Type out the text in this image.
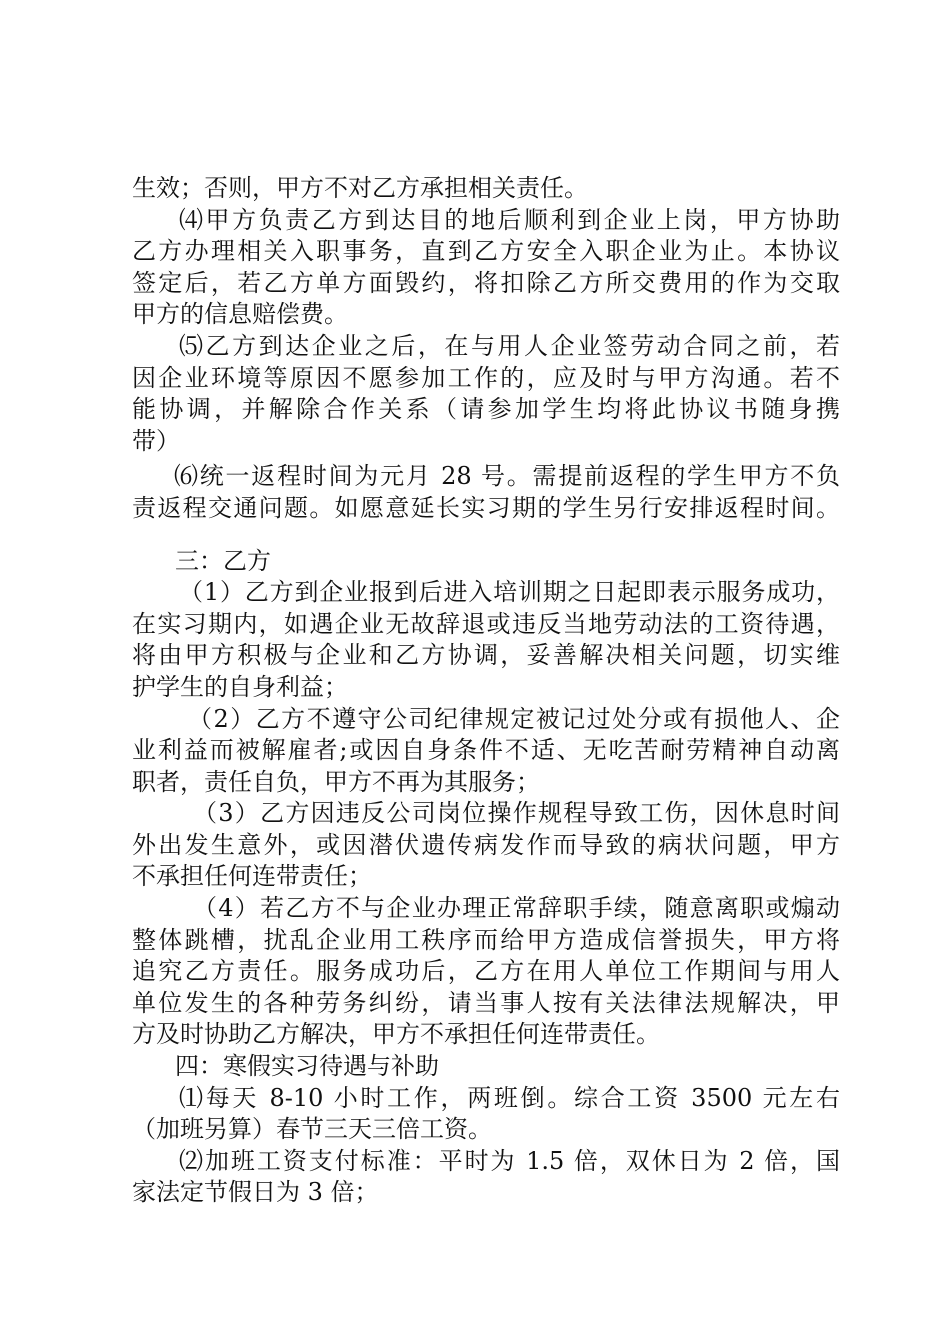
生效；否则，甲方不对乙方承担相关责任。
⑷甲方负责乙方到达目的地后顺利到企业上岗，甲方协助
乙方办理相关入职事务，直到乙方安全入职企业为止。本协议
签定后，若乙方单方面毁约，将扣除乙方所交费用的作为交取
甲方的信息赔偿费。
⑸乙方到达企业之后，在与用人企业签劳动合同之前，若
因企业环境等原因不愿参加工作的，应及时与甲方沟通。若不
能协调，并解除合作关系（请参加学生均将此协议书随身携
带）
⑹统一返程时间为元月 28 号。需提前返程的学生甲方不负
责返程交通问题。如愿意延长实习期的学生另行安排返程时间。
三：乙方
（1）乙方到企业报到后进入培训期之日起即表示服务成功，
在实习期内，如遇企业无故辞退或违反当地劳动法的工资待遇，
将由甲方积极与企业和乙方协调，妥善解决相关问题，切实维
护学生的自身利益；
（2）乙方不遵守公司纪律规定被记过处分或有损他人、企
业利益而被解雇者;或因自身条件不适、无吃苦耐劳精神自动离
职者，责任自负，甲方不再为其服务；
（3）乙方因违反公司岗位操作规程导致工伤，因休息时间
外出发生意外，或因潜伏遗传病发作而导致的病状问题，甲方
不承担任何连带责任；
（4）若乙方不与企业办理正常辞职手续，随意离职或煽动
整体跳槽，扰乱企业用工秩序而给甲方造成信誉损失，甲方将
追究乙方责任。服务成功后，乙方在用人单位工作期间与用人
单位发生的各种劳务纠纷，请当事人按有关法律法规解决，甲
方及时协助乙方解决，甲方不承担任何连带责任。
四：寒假实习待遇与补助
⑴每天 8-10 小时工作，两班倒。综合工资 3500 元左右
（加班另算）春节三天三倍工资。
⑵加班工资支付标准：平时为 1.5 倍，双休日为 2 倍，国
家法定节假日为 3 倍；
